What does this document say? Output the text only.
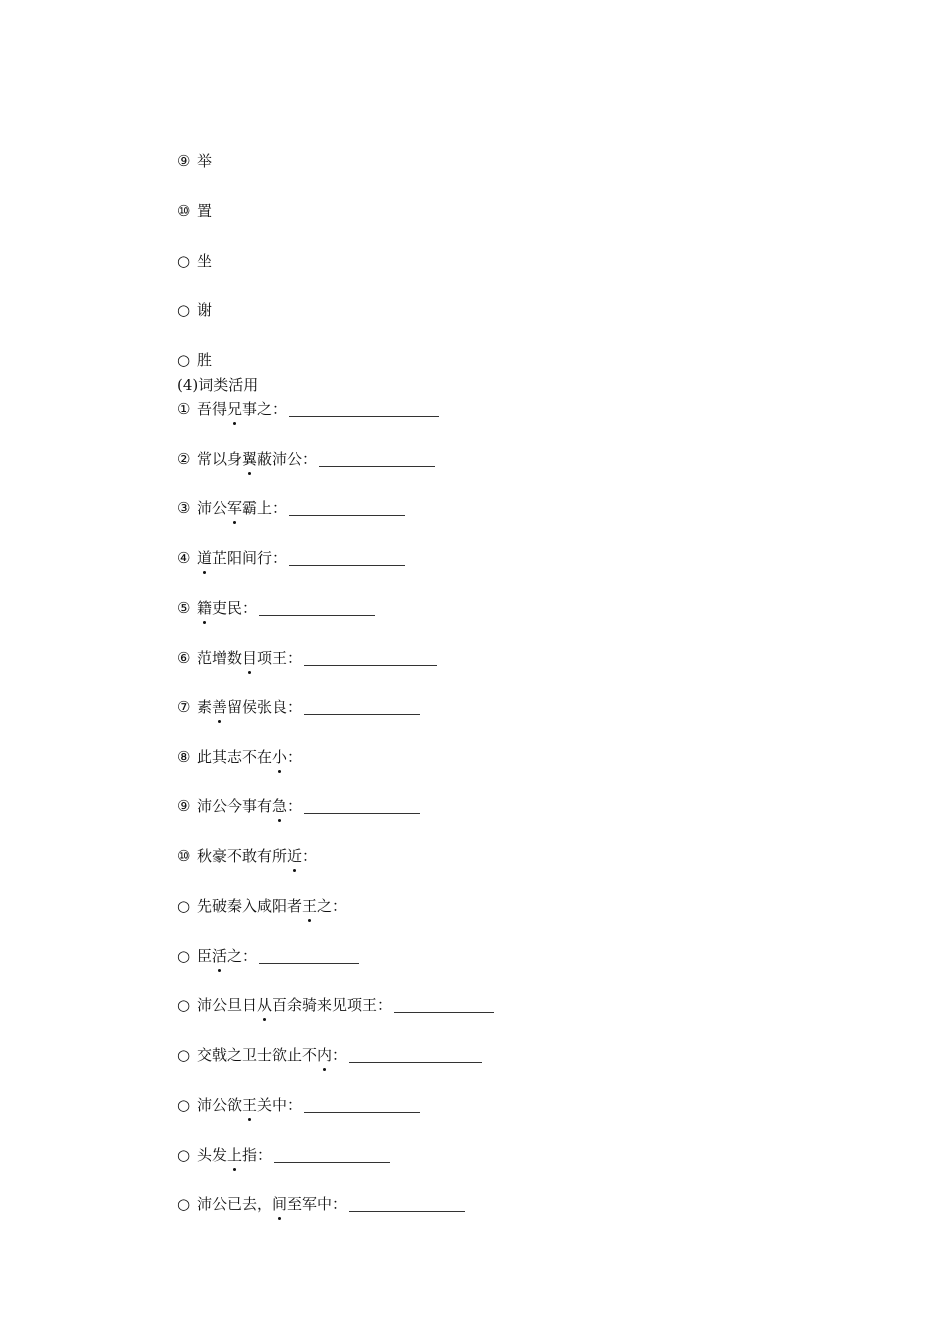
⑨ 举
⑩ 置
○ 坐
○ 谢
○ 胜
(4)词类活用
① 吾得 兄 事之：
② 常以身 翼 蔽沛公：
③ 沛公 军 霸上：
④ 道 芷阳间行：
⑤ 籍 吏民：
⑥ 范增数 目 项王：
⑦ 素 善 留侯张良：
⑧ 此其志不在 小 ：
⑨ 沛公今事有 急 ：
⑩ 秋豪不敢有所 近 ：
○ 先破秦入咸阳者 王 之：
○ 臣 活 之：
○ 沛公旦日 从 百余骑来见项王：
○ 交戟之卫士欲止不 内 ：
○ 沛公欲 王 关中：
○ 头发 上 指：
○ 沛公已去， 间 至军中：
